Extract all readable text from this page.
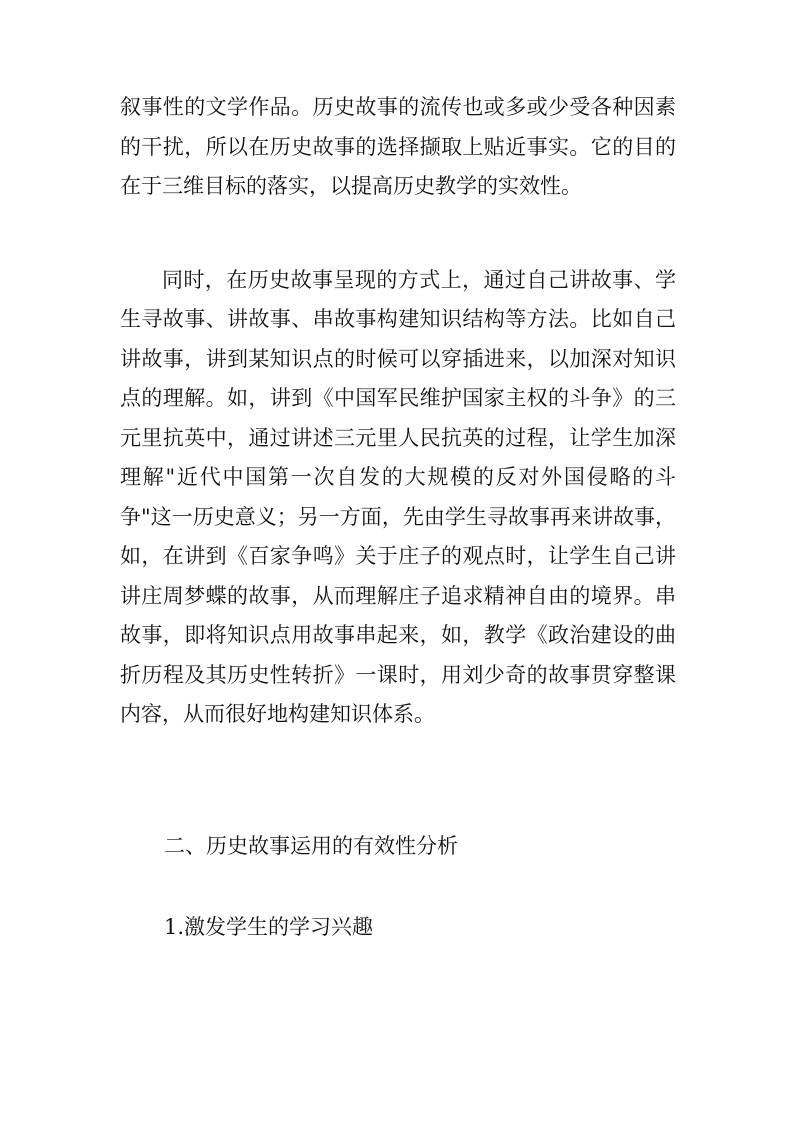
叙事性的文学作品。历史故事的流传也或多或少受各种因素的干扰，所以在历史故事的选择撷取上贴近事实。它的目的在于三维目标的落实，以提高历史教学的实效性。

同时，在历史故事呈现的方式上，通过自己讲故事、学生寻故事、讲故事、串故事构建知识结构等方法。比如自己讲故事，讲到某知识点的时候可以穿插进来，以加深对知识点的理解。如，讲到《中国军民维护国家主权的斗争》的三元里抗英中，通过讲述三元里人民抗英的过程，让学生加深理解"近代中国第一次自发的大规模的反对外国侵略的斗争"这一历史意义；另一方面，先由学生寻故事再来讲故事，如，在讲到《百家争鸣》关于庄子的观点时，让学生自己讲讲庄周梦蝶的故事，从而理解庄子追求精神自由的境界。串故事，即将知识点用故事串起来，如，教学《政治建设的曲折历程及其历史性转折》一课时，用刘少奇的故事贯穿整课内容，从而很好地构建知识体系。

二、历史故事运用的有效性分析

1.激发学生的学习兴趣
